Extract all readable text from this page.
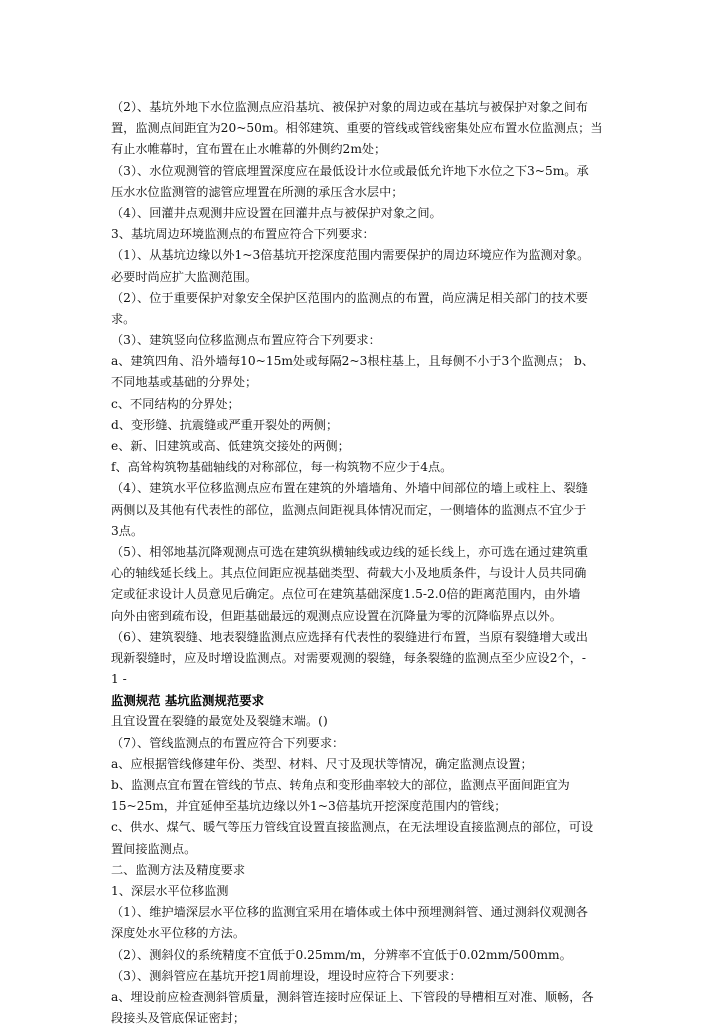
（2）、基坑外地下水位监测点应沿基坑、被保护对象的周边或在基坑与被保护对象之间布
置，监测点间距宜为20~50m。相邻建筑、重要的管线或管线密集处应布置水位监测点；当
有止水帷幕时，宜布置在止水帷幕的外侧约2m处；
（3）、水位观测管的管底埋置深度应在最低设计水位或最低允许地下水位之下3~5m。承
压水水位监测管的滤管应埋置在所测的承压含水层中；
（4）、回灌井点观测井应设置在回灌井点与被保护对象之间。
3、基坑周边环境监测点的布置应符合下列要求：
（1）、从基坑边缘以外1~3倍基坑开挖深度范围内需要保护的周边环境应作为监测对象。
必要时尚应扩大监测范围。
（2）、位于重要保护对象安全保护区范围内的监测点的布置，尚应满足相关部门的技术要
求。
（3）、建筑竖向位移监测点布置应符合下列要求：
a、建筑四角、沿外墙每10~15m处或每隔2~3根柱基上，且每侧不小于3个监测点； b、
不同地基或基础的分界处；
c、不同结构的分界处；
d、变形缝、抗震缝或严重开裂处的两侧；
e、新、旧建筑或高、低建筑交接处的两侧；
f、高耸构筑物基础轴线的对称部位，每一构筑物不应少于4点。
（4）、建筑水平位移监测点应布置在建筑的外墙墙角、外墙中间部位的墙上或柱上、裂缝
两侧以及其他有代表性的部位，监测点间距视具体情况而定，一侧墙体的监测点不宜少于
3点。
（5）、相邻地基沉降观测点可选在建筑纵横轴线或边线的延长线上，亦可选在通过建筑重
心的轴线延长线上。其点位间距应视基础类型、荷载大小及地质条件，与设计人员共同确
定或征求设计人员意见后确定。点位可在建筑基础深度1.5-2.0倍的距离范围内，由外墙
向外由密到疏布设，但距基础最远的观测点应设置在沉降量为零的沉降临界点以外。
（6）、建筑裂缝、地表裂缝监测点应选择有代表性的裂缝进行布置，当原有裂缝增大或出
现新裂缝时，应及时增设监测点。对需要观测的裂缝，每条裂缝的监测点至少应设2个，-
1 -
监测规范 基坑监测规范要求
且宜设置在裂缝的最宽处及裂缝末端。()
（7）、管线监测点的布置应符合下列要求：
a、应根据管线修建年份、类型、材料、尺寸及现状等情况，确定监测点设置；
b、监测点宜布置在管线的节点、转角点和变形曲率较大的部位，监测点平面间距宜为
15~25m，并宜延伸至基坑边缘以外1~3倍基坑开挖深度范围内的管线；
c、供水、煤气、暖气等压力管线宜设置直接监测点，在无法埋设直接监测点的部位，可设
置间接监测点。
二、监测方法及精度要求
1、深层水平位移监测
（1）、维护墙深层水平位移的监测宜采用在墙体或土体中预埋测斜管、通过测斜仪观测各
深度处水平位移的方法。
（2）、测斜仪的系统精度不宜低于0.25mm/m，分辨率不宜低于0.02mm/500mm。
（3）、测斜管应在基坑开挖1周前埋设，埋设时应符合下列要求：
a、埋设前应检查测斜管质量，测斜管连接时应保证上、下管段的导槽相互对准、顺畅，各
段接头及管底保证密封；
